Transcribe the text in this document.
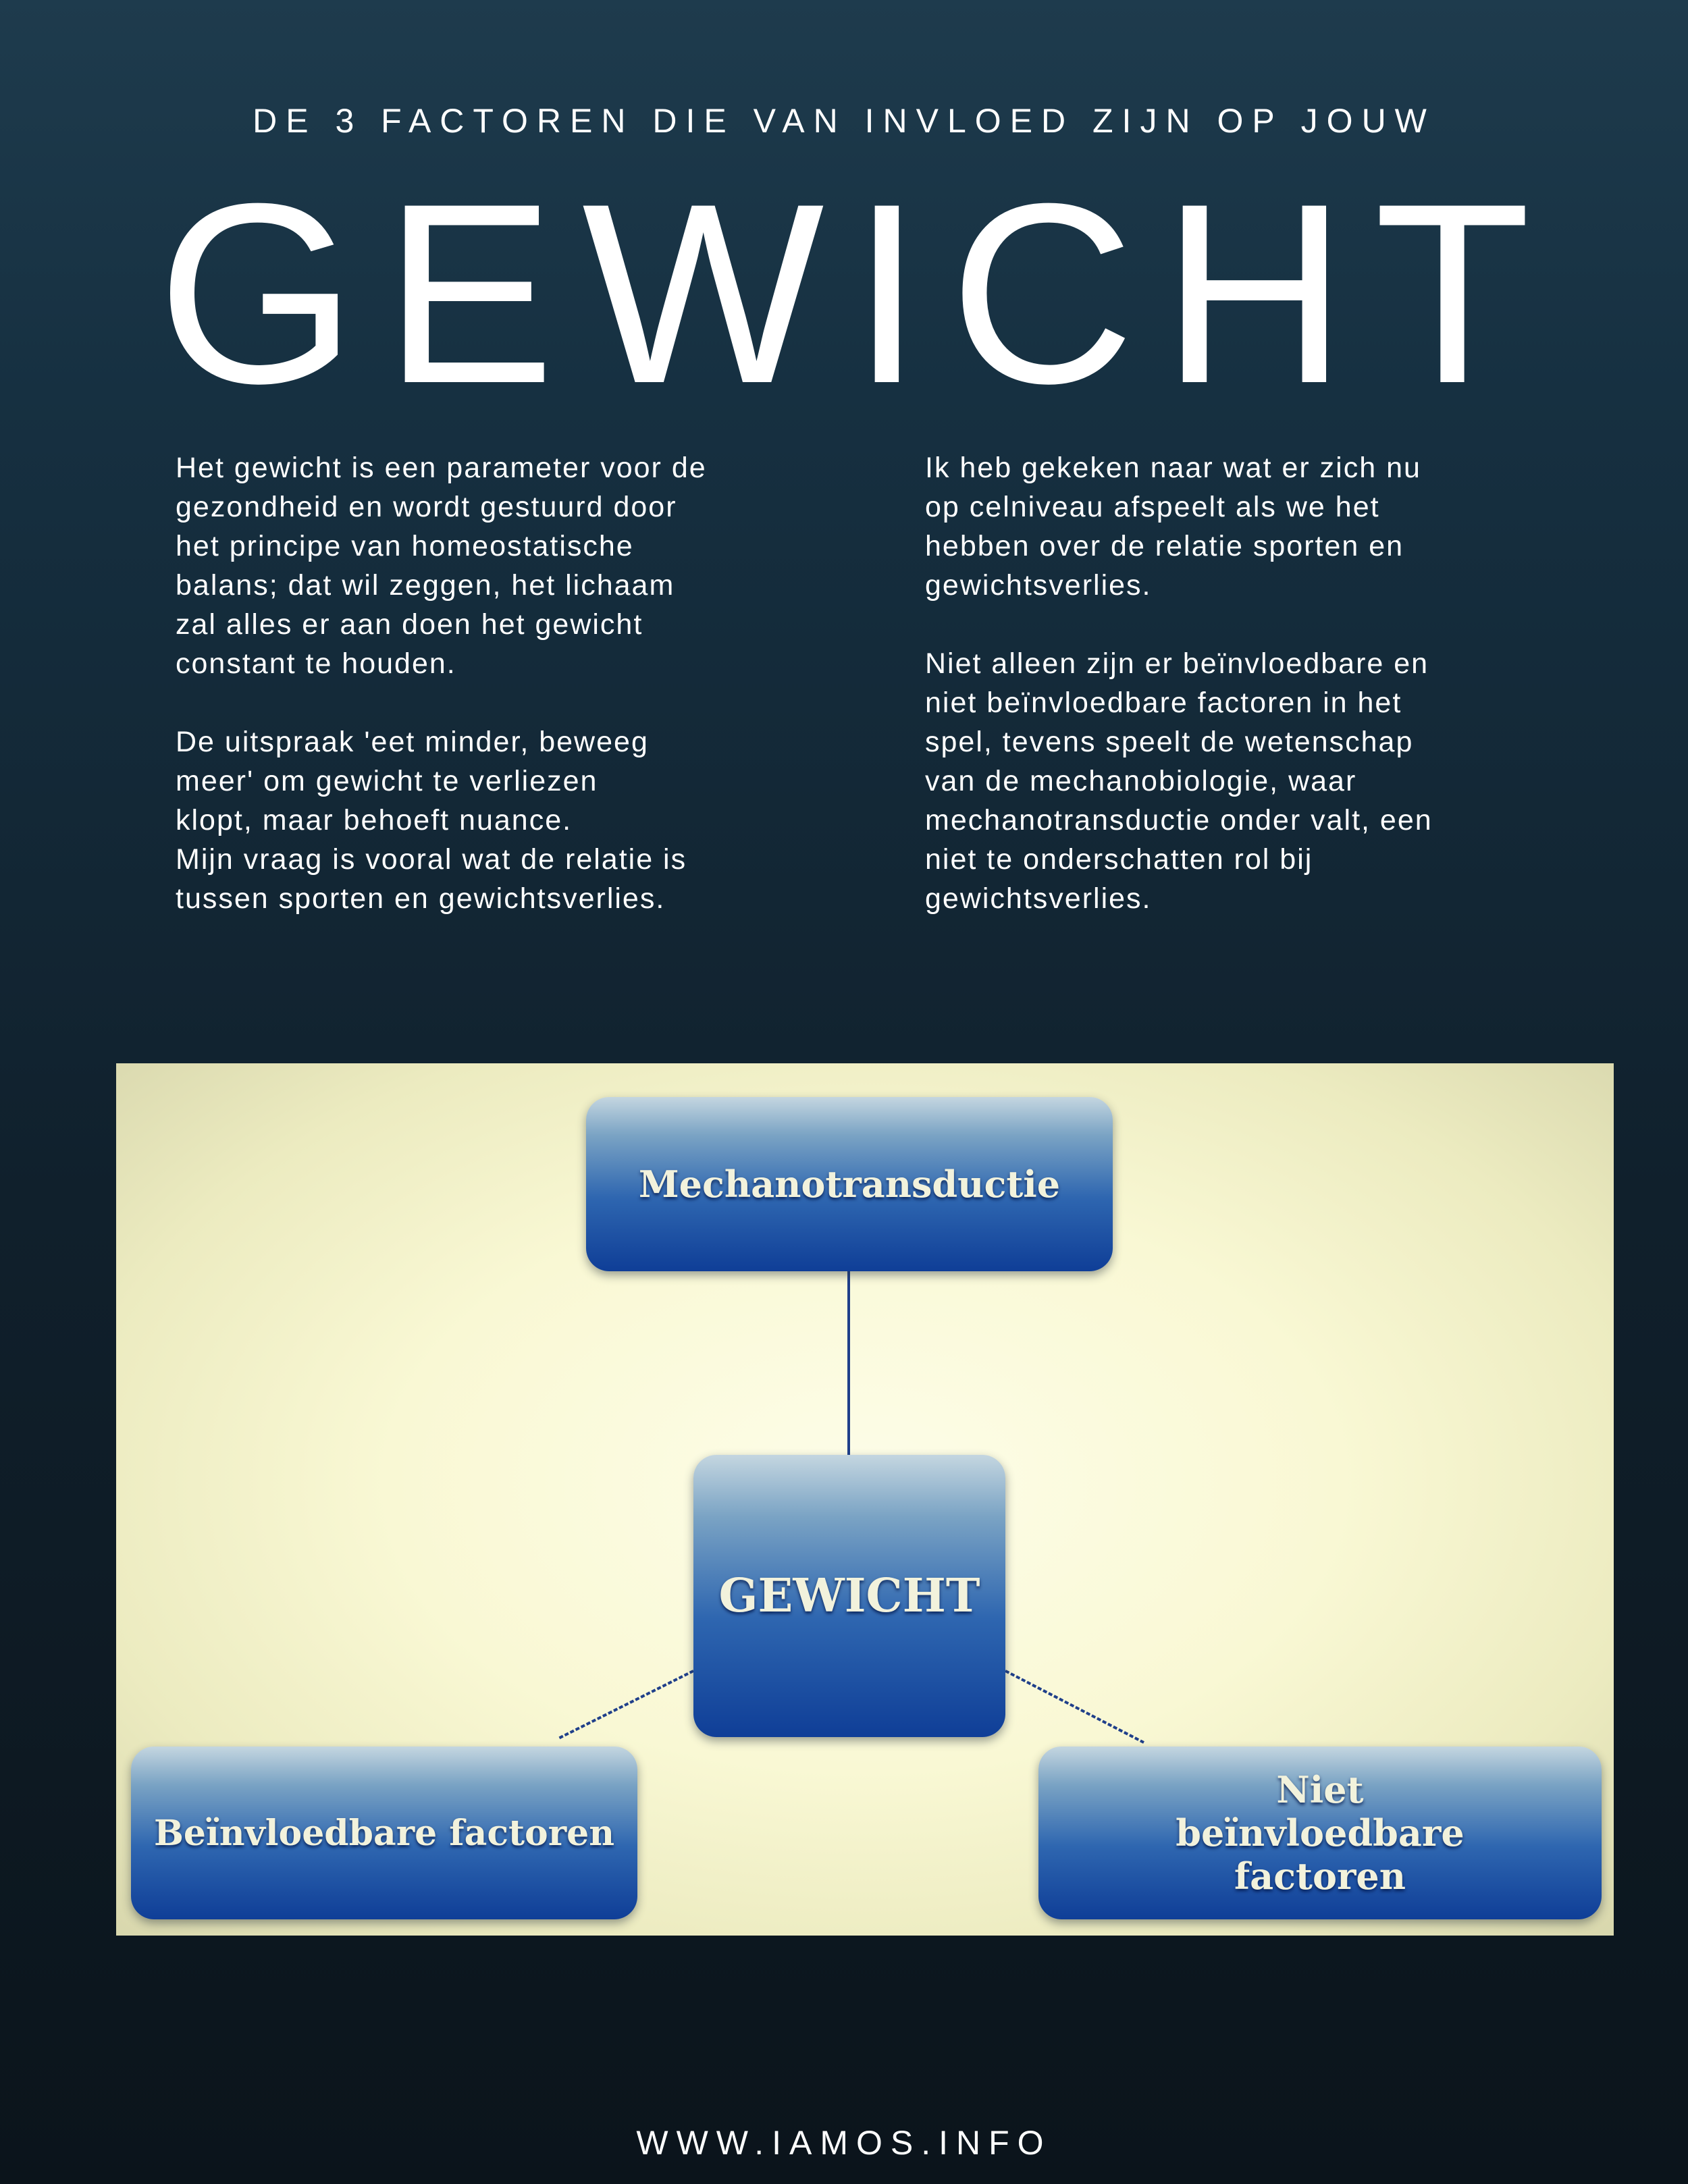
DE 3 FACTOREN DIE VAN INVLOED ZIJN OP JOUW
GEWICHT

Het gewicht is een parameter voor de
gezondheid en wordt gestuurd door
het principe van homeostatische
balans; dat wil zeggen, het lichaam
zal alles er aan doen het gewicht
constant te houden.

De uitspraak 'eet minder, beweeg
meer' om gewicht te verliezen
klopt, maar behoeft nuance.
Mijn vraag is vooral wat de relatie is
tussen sporten en gewichtsverlies.

Ik heb gekeken naar wat er zich nu
op celniveau afspeelt als we het
hebben over de relatie sporten en
gewichtsverlies.

Niet alleen zijn er beïnvloedbare en
niet beïnvloedbare factoren in het
spel, tevens speelt de wetenschap
van de mechanobiologie, waar
mechanotransductie onder valt, een
niet te onderschatten rol bij
gewichtsverlies.

Mechanotransductie
GEWICHT
Beïnvloedbare factoren
Niet beïnvloedbare factoren
WWW.IAMOS.INFO
